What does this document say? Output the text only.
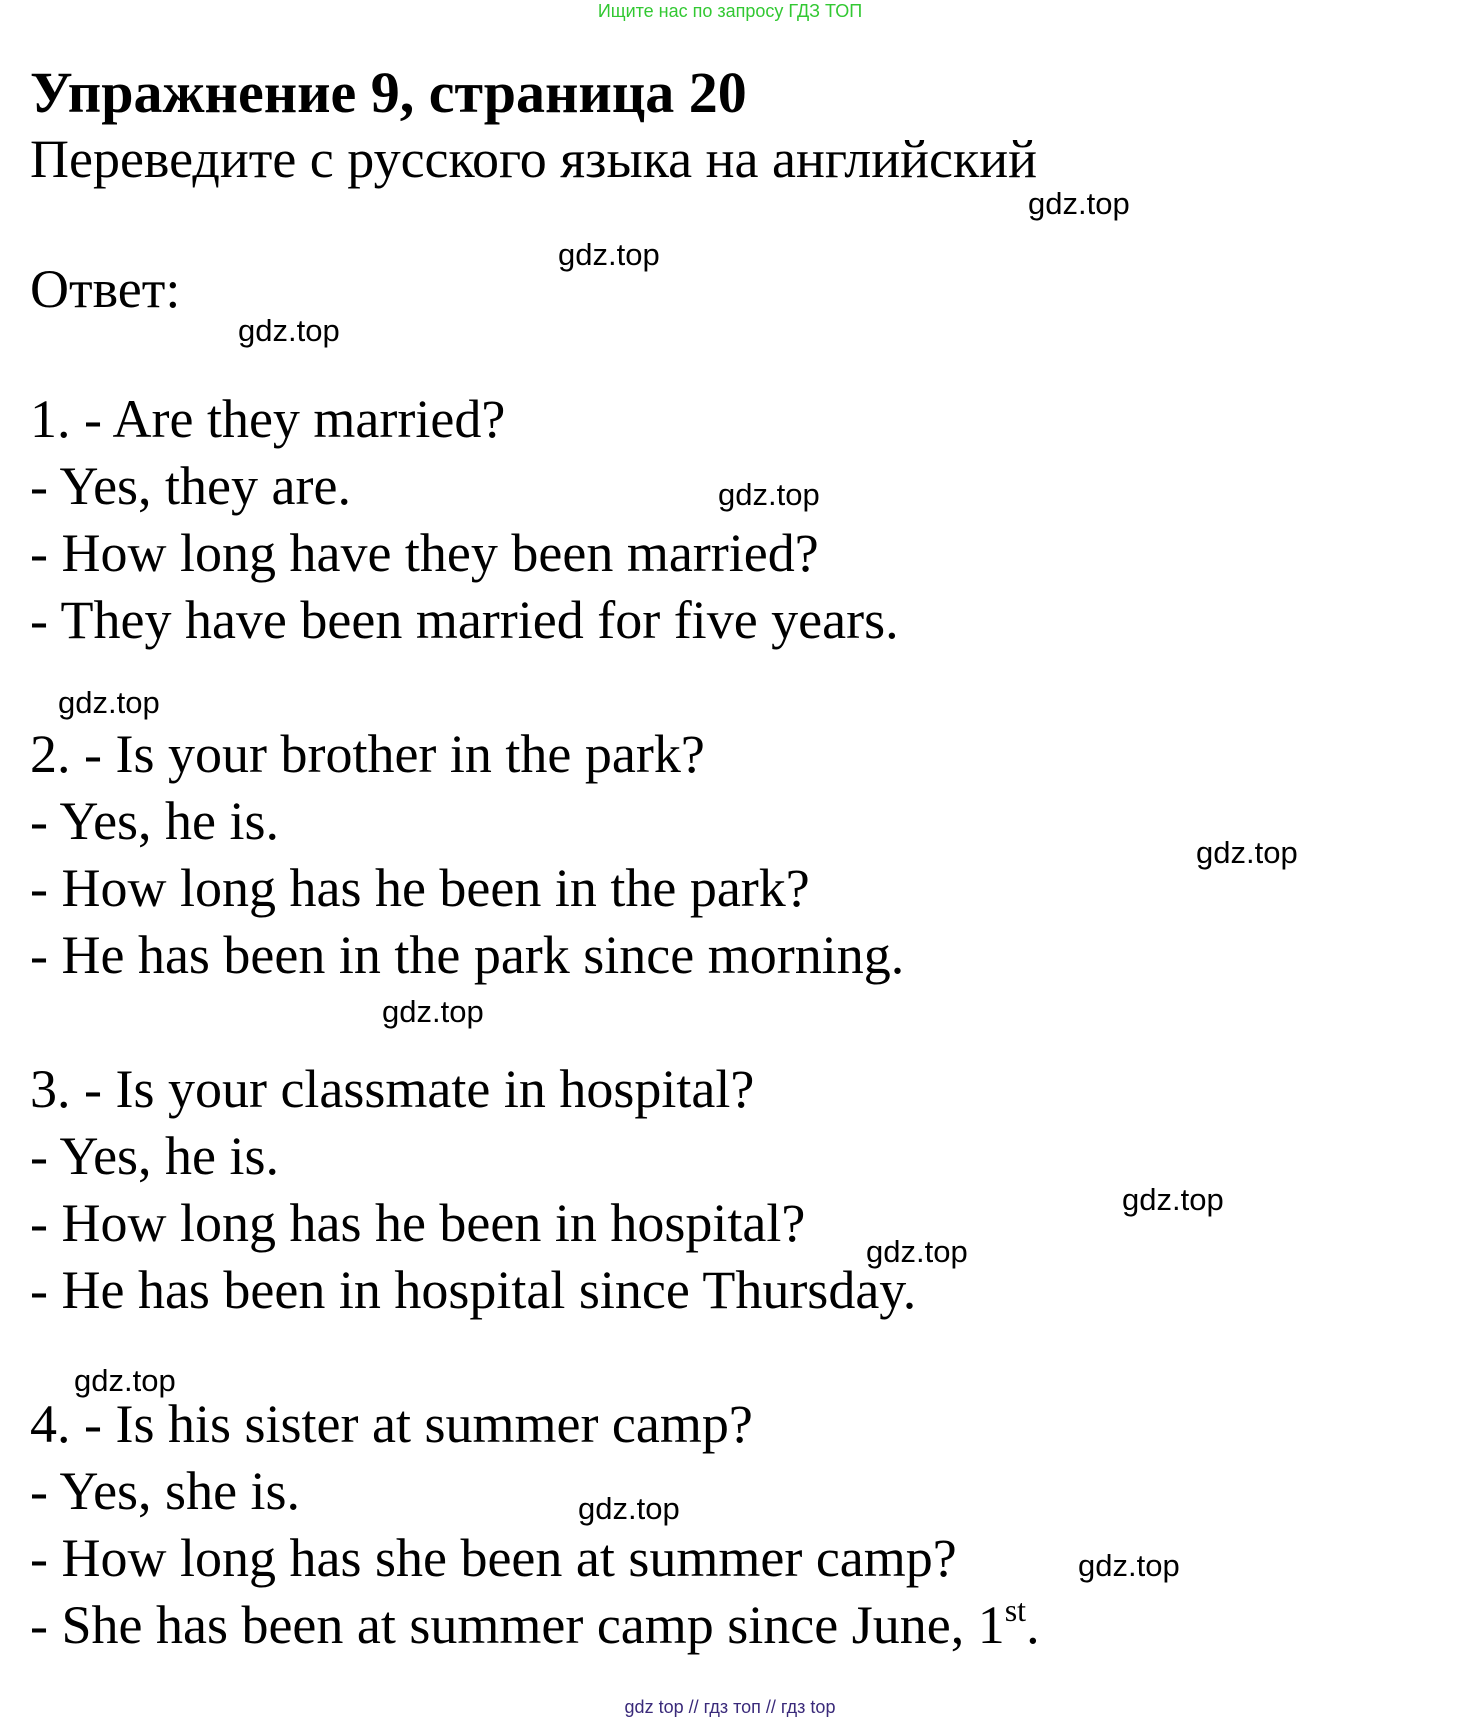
Ищите нас по запросу ГДЗ ТОП
Упражнение 9, страница 20
Переведите с русского языка на английский
Ответ:
1. - Are they married?
- Yes, they are.
- How long have they been married?
- They have been married for five years.
2. - Is your brother in the park?
- Yes, he is.
- How long has he been in the park?
- He has been in the park since morning.
3. - Is your classmate in hospital?
- Yes, he is.
- How long has he been in hospital?
- He has been in hospital since Thursday.
4. - Is his sister at summer camp?
- Yes, she is.
- How long has she been at summer camp?
- She has been at summer camp since June, 1st.
gdz.top
gdz.top
gdz.top
gdz.top
gdz.top
gdz.top
gdz.top
gdz.top
gdz.top
gdz.top
gdz.top
gdz.top
gdz top // гдз топ // гдз top
